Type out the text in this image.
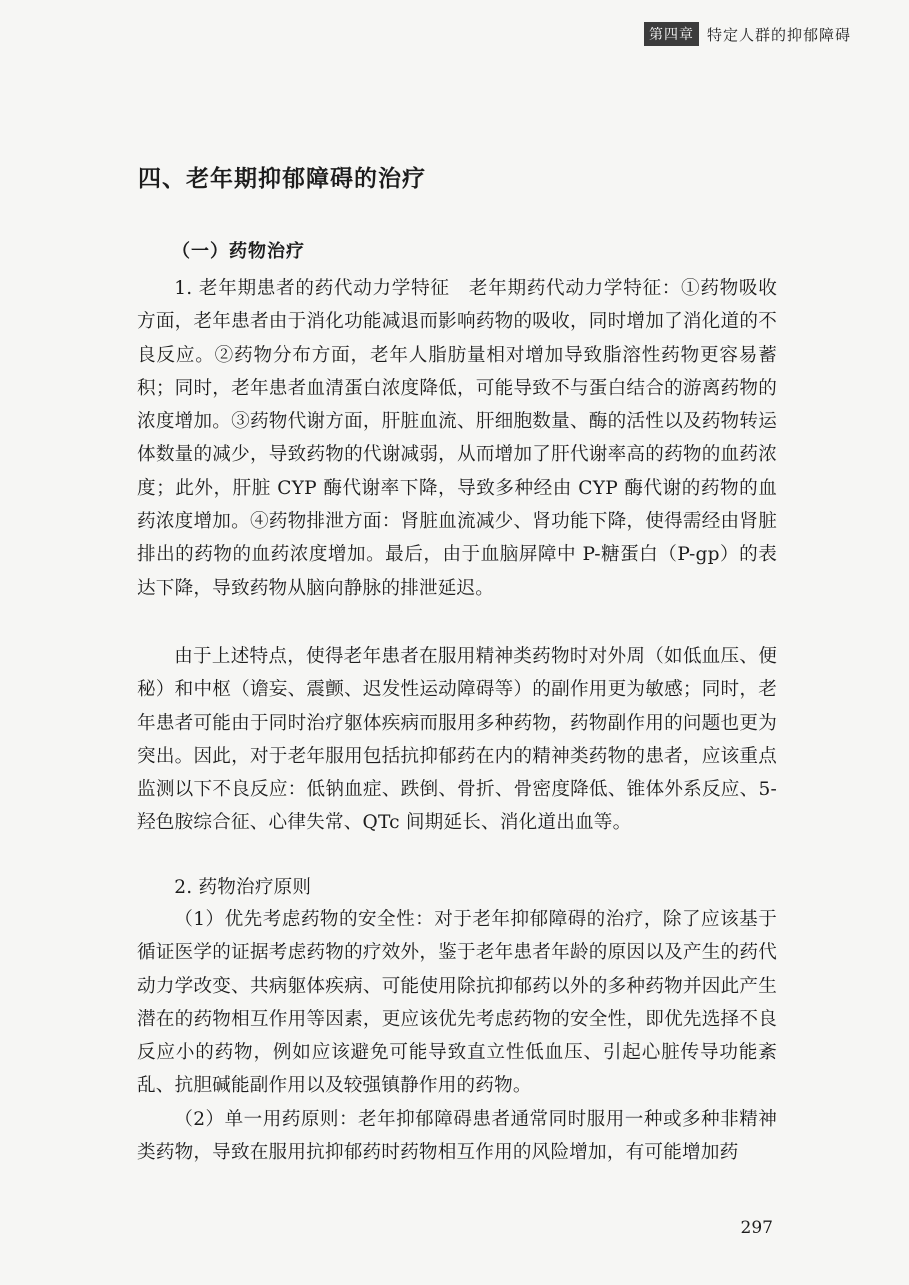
第四章 特定人群的抑郁障碍
四、老年期抑郁障碍的治疗
（一）药物治疗

1. 老年期患者的药代动力学特征　老年期药代动力学特征：①药物吸收方面，老年患者由于消化功能减退而影响药物的吸收，同时增加了消化道的不良反应。②药物分布方面，老年人脂肪量相对增加导致脂溶性药物更容易蓄积；同时，老年患者血清蛋白浓度降低，可能导致不与蛋白结合的游离药物的浓度增加。③药物代谢方面，肝脏血流、肝细胞数量、酶的活性以及药物转运体数量的减少，导致药物的代谢减弱，从而增加了肝代谢率高的药物的血药浓度；此外，肝脏 CYP 酶代谢率下降，导致多种经由 CYP 酶代谢的药物的血药浓度增加。④药物排泄方面：肾脏血流减少、肾功能下降，使得需经由肾脏排出的药物的血药浓度增加。最后，由于血脑屏障中 P-糖蛋白（P-gp）的表达下降，导致药物从脑向静脉的排泄延迟。

由于上述特点，使得老年患者在服用精神类药物时对外周（如低血压、便秘）和中枢（谵妄、震颤、迟发性运动障碍等）的副作用更为敏感；同时，老年患者可能由于同时治疗躯体疾病而服用多种药物，药物副作用的问题也更为突出。因此，对于老年服用包括抗抑郁药在内的精神类药物的患者，应该重点监测以下不良反应：低钠血症、跌倒、骨折、骨密度降低、锥体外系反应、5-羟色胺综合征、心律失常、QTc 间期延长、消化道出血等。

2. 药物治疗原则

（1）优先考虑药物的安全性：对于老年抑郁障碍的治疗，除了应该基于循证医学的证据考虑药物的疗效外，鉴于老年患者年龄的原因以及产生的药代动力学改变、共病躯体疾病、可能使用除抗抑郁药以外的多种药物并因此产生潜在的药物相互作用等因素，更应该优先考虑药物的安全性，即优先选择不良反应小的药物，例如应该避免可能导致直立性低血压、引起心脏传导功能紊乱、抗胆碱能副作用以及较强镇静作用的药物。

（2）单一用药原则：老年抑郁障碍患者通常同时服用一种或多种非精神类药物，导致在服用抗抑郁药时药物相互作用的风险增加，有可能增加药

297
